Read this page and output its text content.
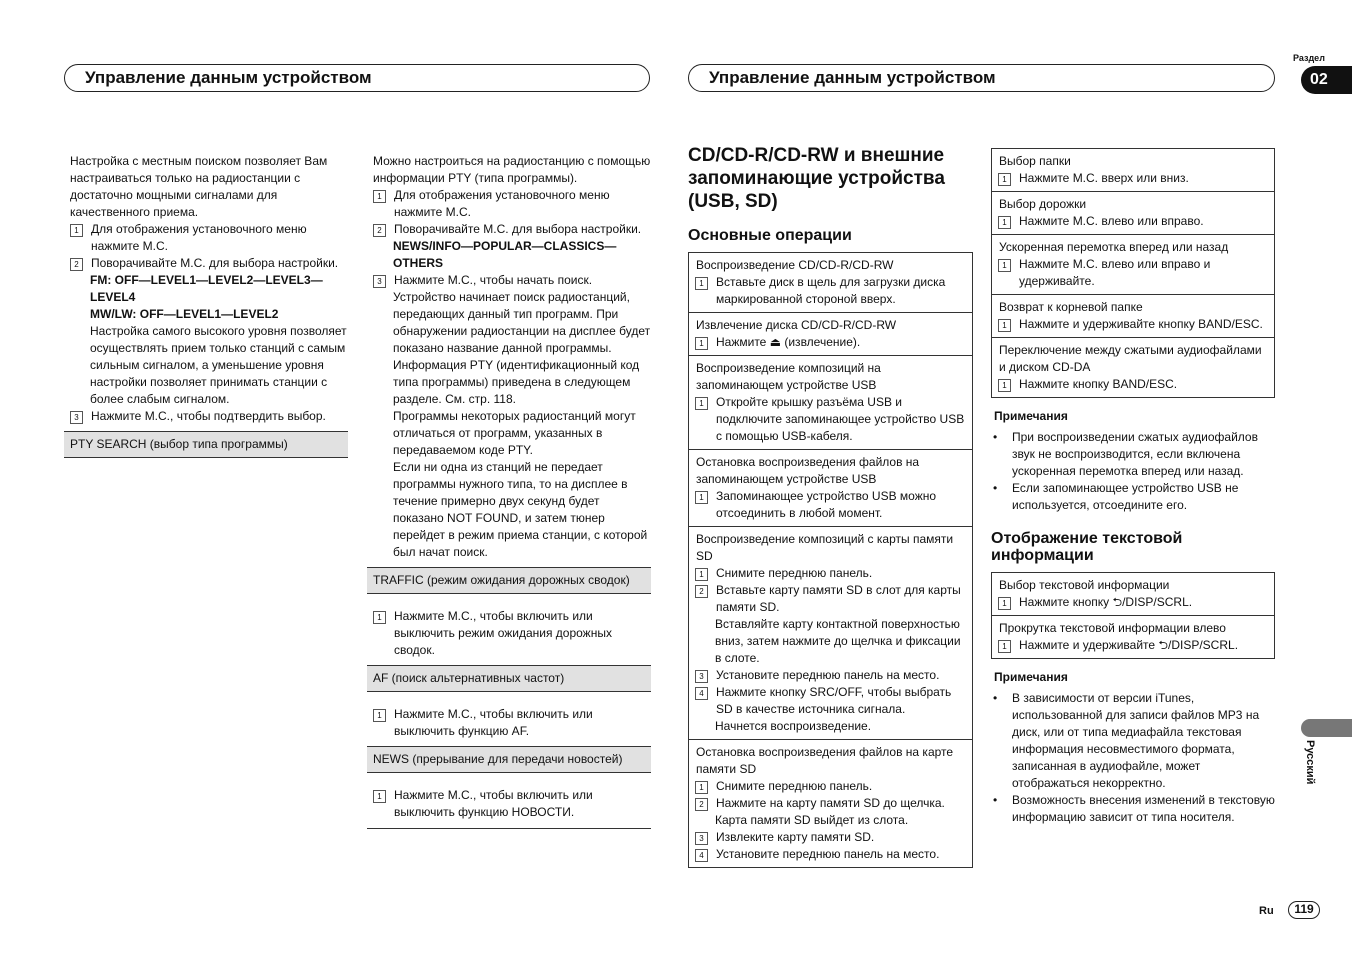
Управление данным устройством	Управление данным устройством
Раздел
02
Русский
Ru	119

Настройка с местным поиском позволяет Вам настраиваться только на радиостанции с достаточно мощными сигналами для качественного приема.

1	Для отображения установочного меню нажмите M.C.
2	Поворачивайте M.C. для выбора настройки.
FM: OFF—LEVEL1—LEVEL2—LEVEL3—LEVEL4
MW/LW: OFF—LEVEL1—LEVEL2
Настройка самого высокого уровня позволяет осуществлять прием только станций с самым сильным сигналом, а уменьшение уровня настройки позволяет принимать станции с более слабым сигналом.
3	Нажмите M.C., чтобы подтвердить выбор.
PTY SEARCH (выбор типа программы)

Можно настроиться на радиостанцию с помощью информации PTY (типа программы).

1	Для отображения установочного меню нажмите M.C.
2	Поворачивайте M.C. для выбора настройки.
NEWS/INFO—POPULAR—CLASSICS—OTHERS
3	Нажмите M.C., чтобы начать поиск.
Устройство начинает поиск радиостанций, передающих данный тип программ. При обнаружении радиостанции на дисплее будет показано название данной программы.
Информация PTY (идентификационный код типа программы) приведена в следующем разделе. См. стр. 118.
Программы некоторых радиостанций могут отличаться от программ, указанных в передаваемом коде PTY.
Если ни одна из станций не передает программы нужного типа, то на дисплее в течение примерно двух секунд будет показано NOT FOUND, и затем тюнер перейдет в режим приема станции, с которой был начат поиск.
TRAFFIC (режим ожидания дорожных сводок)
1	Нажмите M.C., чтобы включить или выключить режим ожидания дорожных сводок.
AF (поиск альтернативных частот)
1	Нажмите M.C., чтобы включить или выключить функцию AF.
NEWS (прерывание для передачи новостей)
1	Нажмите M.C., чтобы включить или выключить функцию НОВОСТИ.
CD/CD-R/CD-RW и внешние запоминающие устройства (USB, SD)
Основные операции
Воспроизведение CD/CD-R/CD-RW
1	Вставьте диск в щель для загрузки диска маркированной стороной вверх.
Извлечение диска CD/CD-R/CD-RW
1	Нажмите ⏏ (извлечение).
Воспроизведение композиций на запоминающем устройстве USB
1	Откройте крышку разъёма USB и подключите запоминающее устройство USB с помощью USB-кабеля.
Остановка воспроизведения файлов на запоминающем устройстве USB
1	Запоминающее устройство USB можно отсоединить в любой момент.
Воспроизведение композиций с карты памяти SD
1	Снимите переднюю панель.
2	Вставьте карту памяти SD в слот для карты памяти SD.
Вставляйте карту контактной поверхностью вниз, затем нажмите до щелчка и фиксации в слоте.
3	Установите переднюю панель на место.
4	Нажмите кнопку SRC/OFF, чтобы выбрать SD в качестве источника сигнала.
Начнется воспроизведение.
Остановка воспроизведения файлов на карте памяти SD
1	Снимите переднюю панель.
2	Нажмите на карту памяти SD до щелчка.
Карта памяти SD выйдет из слота.
3	Извлеките карту памяти SD.
4	Установите переднюю панель на место.
Выбор папки
1	Нажмите M.C. вверх или вниз.
Выбор дорожки
1	Нажмите M.C. влево или вправо.
Ускоренная перемотка вперед или назад
1	Нажмите M.C. влево или вправо и удерживайте.
Возврат к корневой папке
1	Нажмите и удерживайте кнопку BAND/ESC.
Переключение между сжатыми аудиофайлами и диском CD-DA
1	Нажмите кнопку BAND/ESC.
Примечания
•	При воспроизведении сжатых аудиофайлов звук не воспроизводится, если включена ускоренная перемотка вперед или назад.
•	Если запоминающее устройство USB не используется, отсоедините его.
Отображение текстовой информации
Выбор текстовой информации
1	Нажмите кнопку ⮌/DISP/SCRL.
Прокрутка текстовой информации влево
1	Нажмите и удерживайте ⮌/DISP/SCRL.
Примечания
•	В зависимости от версии iTunes, использованной для записи файлов MP3 на диск, или от типа медиафайла текстовая информация несовместимого формата, записанная в аудиофайле, может отображаться некорректно.
•	Возможность внесения изменений в текстовую информацию зависит от типа носителя.
